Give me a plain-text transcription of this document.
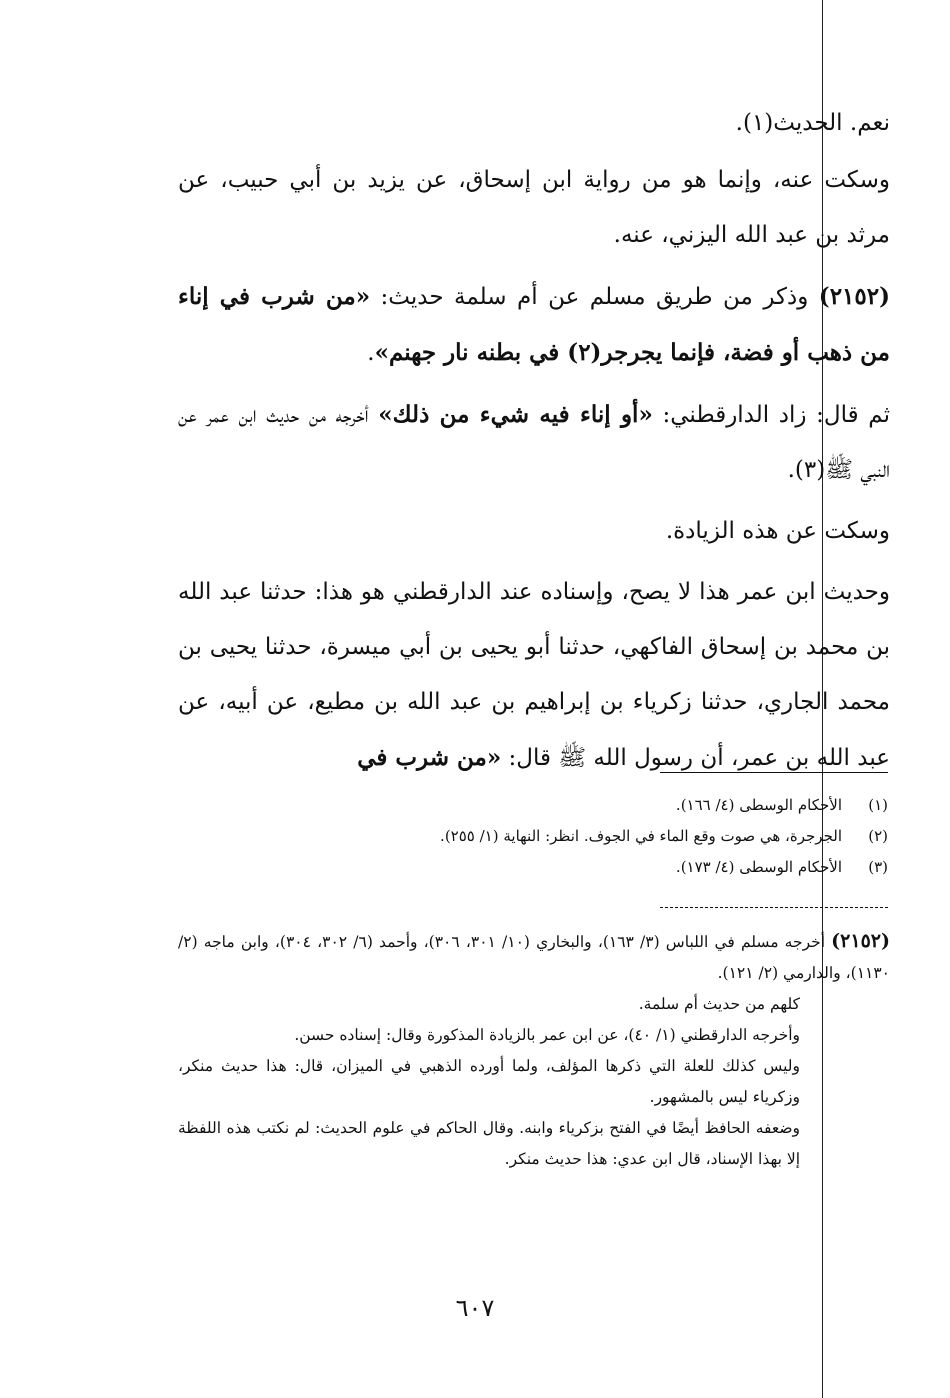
نعم. الحديث(١).

وسكت عنه، وإنما هو من رواية ابن إسحاق، عن يزيد بن أبي حبيب، عن مرثد بن عبد الله اليزني، عنه.

(٢١٥٢) وذكر من طريق مسلم عن أم سلمة حديث: «من شرب في إناء من ذهب أو فضة، فإنما يجرجر(٢) في بطنه نار جهنم».

ثم قال: زاد الدارقطني: «أو إناء فيه شيء من ذلك» أخرجه من حديث ابن عمر عن النبي ﷺ(٣).

وسكت عن هذه الزيادة.

وحديث ابن عمر هذا لا يصح، وإسناده عند الدارقطني هو هذا: حدثنا عبد الله بن محمد بن إسحاق الفاكهي، حدثنا أبو يحيى بن أبي ميسرة، حدثنا يحيى بن محمد الجاري، حدثنا زكرياء بن إبراهيم بن عبد الله بن مطيع، عن أبيه، عن عبد الله بن عمر، أن رسول الله ﷺ قال: «من شرب في

(١)
الأحكام الوسطى (٤/ ١٦٦).
(٢)
الجرجرة، هي صوت وقع الماء في الجوف. انظر: النهاية (١/ ٢٥٥).
(٣)
الأحكام الوسطى (٤/ ١٧٣).

(٢١٥٢) أخرجه مسلم في اللباس (٣/ ١٦٣)، والبخاري (١٠/ ٣٠١، ٣٠٦)، وأحمد (٦/ ٣٠٢، ٣٠٤)، وابن ماجه (٢/ ١١٣٠)، والدارمي (٢/ ١٢١).

كلهم من حديث أم سلمة.

وأخرجه الدارقطني (١/ ٤٠)، عن ابن عمر بالزيادة المذكورة وقال: إسناده حسن.

وليس كذلك للعلة التي ذكرها المؤلف، ولما أورده الذهبي في الميزان، قال: هذا حديث منكر، وزكرياء ليس بالمشهور.

وضعفه الحافظ أيضًا في الفتح بزكرياء وابنه. وقال الحاكم في علوم الحديث: لم نكتب هذه اللفظة إلا بهذا الإسناد، قال ابن عدي: هذا حديث منكر.

٦٠٧
